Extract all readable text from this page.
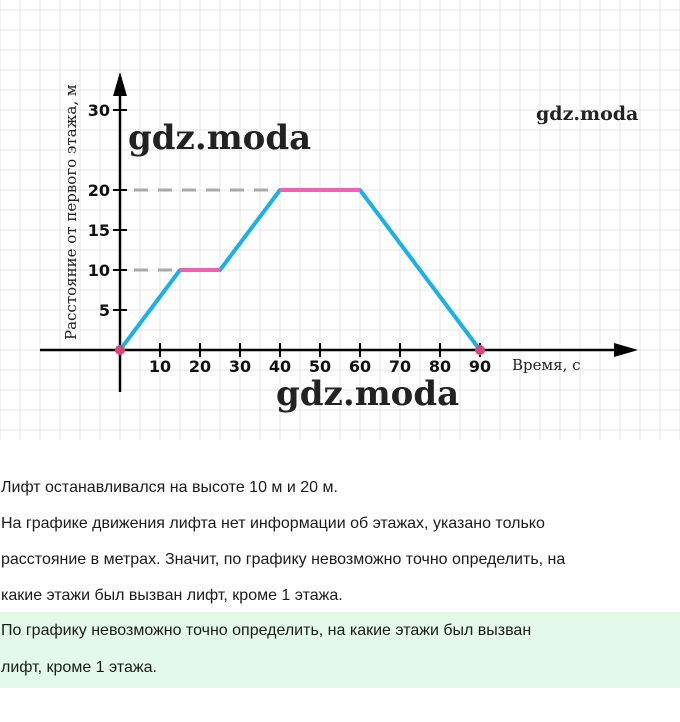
10 20 30 40 50 60 70 80 90
5
10
15
20
30
Время, с
Расстояние от первого этажа, м gdz.moda
gdz.moda
gdz.moda
Лифт останавливался на высоте 10 м и 20 м.
На графике движения лифта нет информации об этажах, указано только
расстояние в метрах. Значит, по графику невозможно точно определить, на
какие этажи был вызван лифт, кроме 1 этажа.
По графику невозможно точно определить, на какие этажи был вызван
лифт, кроме 1 этажа.
